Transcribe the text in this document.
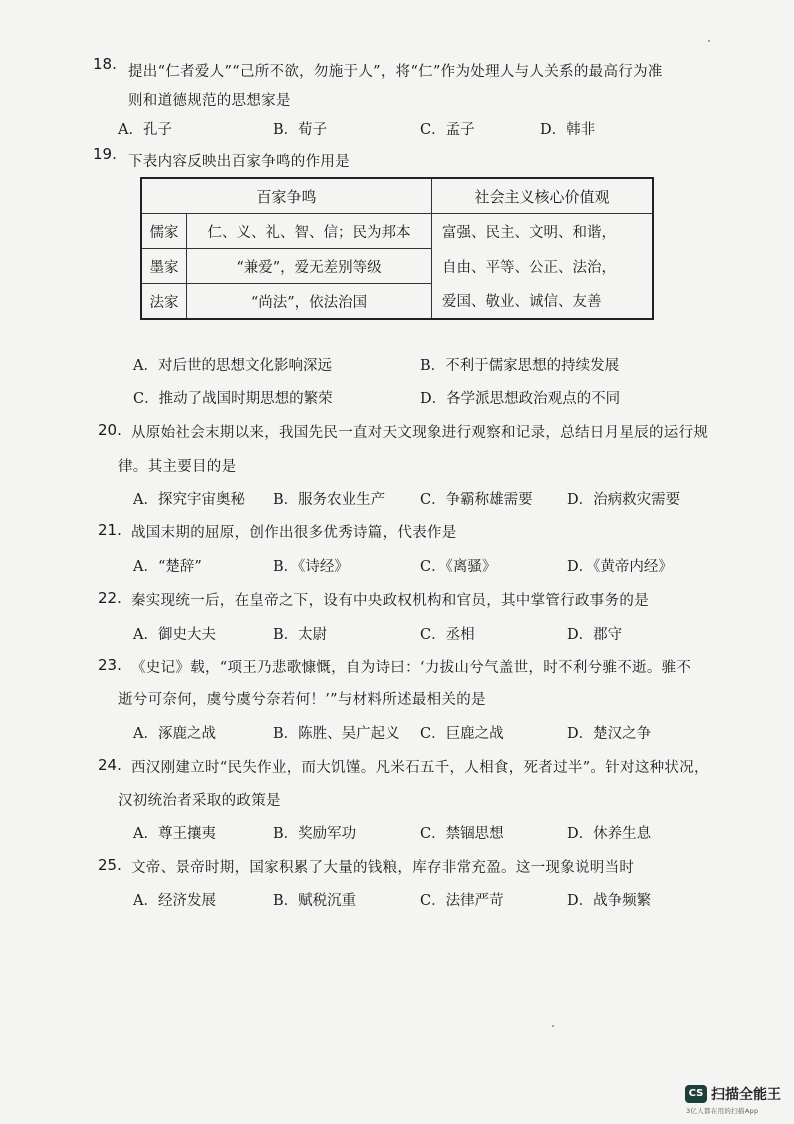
18. 提出“仁者爱人”“己所不欲，勿施于人”，将“仁”作为处理人与人关系的最高行为准
则和道德规范的思想家是
A．孔子	B．荀子	C．孟子	D．韩非
19. 下表内容反映出百家争鸣的作用是
百家争鸣		社会主义核心价值观
儒家	仁、义、礼、智、信；民为邦本	富强、民主、文明、和谐，
墨家	“兼爱”，爱无差别等级	自由、平等、公正、法治，
法家	“尚法”，依法治国	爱国、敬业、诚信、友善
A．对后世的思想文化影响深远	B．不利于儒家思想的持续发展
C．推动了战国时期思想的繁荣	D．各学派思想政治观点的不同
20. 从原始社会末期以来，我国先民一直对天文现象进行观察和记录，总结日月星辰的运行规
律。其主要目的是
A．探究宇宙奥秘 B．服务农业生产 C．争霸称雄需要 D．治病救灾需要
21. 战国末期的屈原，创作出很多优秀诗篇，代表作是
A．“楚辞”	B．《诗经》	C．《离骚》	D．《黄帝内经》
22. 秦实现统一后，在皇帝之下，设有中央政权机构和官员，其中掌管行政事务的是
A．御史大夫	B．太尉	C．丞相	D．郡守
23. 《史记》载，“项王乃悲歌慷慨，自为诗曰：‘力拔山兮气盖世，时不利兮骓不逝。骓不
逝兮可奈何，虞兮虞兮奈若何！’”与材料所述最相关的是
A．涿鹿之战	B．陈胜、吴广起义 C．巨鹿之战	D．楚汉之争
24. 西汉刚建立时“民失作业，而大饥馑。凡米石五千，人相食，死者过半”。针对这种状况，
汉初统治者采取的政策是
A．尊王攘夷	B．奖励军功	C．禁锢思想	D．休养生息
25. 文帝、景帝时期，国家积累了大量的钱粮，库存非常充盈。这一现象说明当时
A．经济发展	B．赋税沉重	C．法律严苛	D．战争频繁
CS 扫描全能王
3亿人都在用的扫描App
